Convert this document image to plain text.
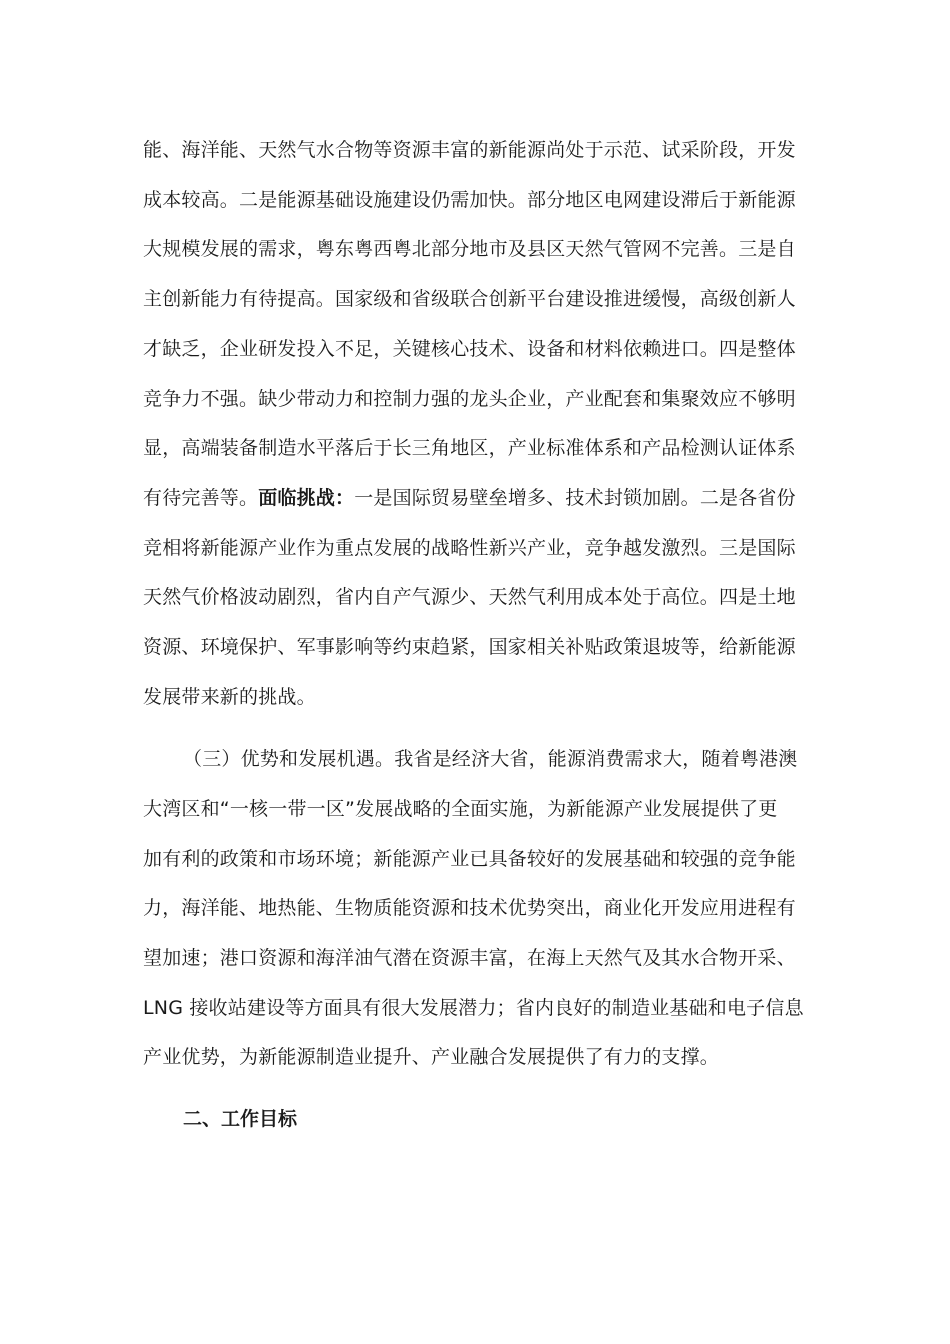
能、海洋能、天然气水合物等资源丰富的新能源尚处于示范、试采阶段，开发
成本较高。二是能源基础设施建设仍需加快。部分地区电网建设滞后于新能源
大规模发展的需求，粤东粤西粤北部分地市及县区天然气管网不完善。三是自
主创新能力有待提高。国家级和省级联合创新平台建设推进缓慢，高级创新人
才缺乏，企业研发投入不足，关键核心技术、设备和材料依赖进口。四是整体
竞争力不强。缺少带动力和控制力强的龙头企业，产业配套和集聚效应不够明
显，高端装备制造水平落后于长三角地区，产业标准体系和产品检测认证体系
有待完善等。面临挑战：一是国际贸易壁垒增多、技术封锁加剧。二是各省份
竞相将新能源产业作为重点发展的战略性新兴产业，竞争越发激烈。三是国际
天然气价格波动剧烈，省内自产气源少、天然气利用成本处于高位。四是土地
资源、环境保护、军事影响等约束趋紧，国家相关补贴政策退坡等，给新能源
发展带来新的挑战。
（三）优势和发展机遇。我省是经济大省，能源消费需求大，随着粤港澳
大湾区和“一核一带一区”发展战略的全面实施，为新能源产业发展提供了更
加有利的政策和市场环境；新能源产业已具备较好的发展基础和较强的竞争能
力，海洋能、地热能、生物质能资源和技术优势突出，商业化开发应用进程有
望加速；港口资源和海洋油气潜在资源丰富，在海上天然气及其水合物开采、
LNG 接收站建设等方面具有很大发展潜力；省内良好的制造业基础和电子信息
产业优势，为新能源制造业提升、产业融合发展提供了有力的支撑。
二、工作目标
